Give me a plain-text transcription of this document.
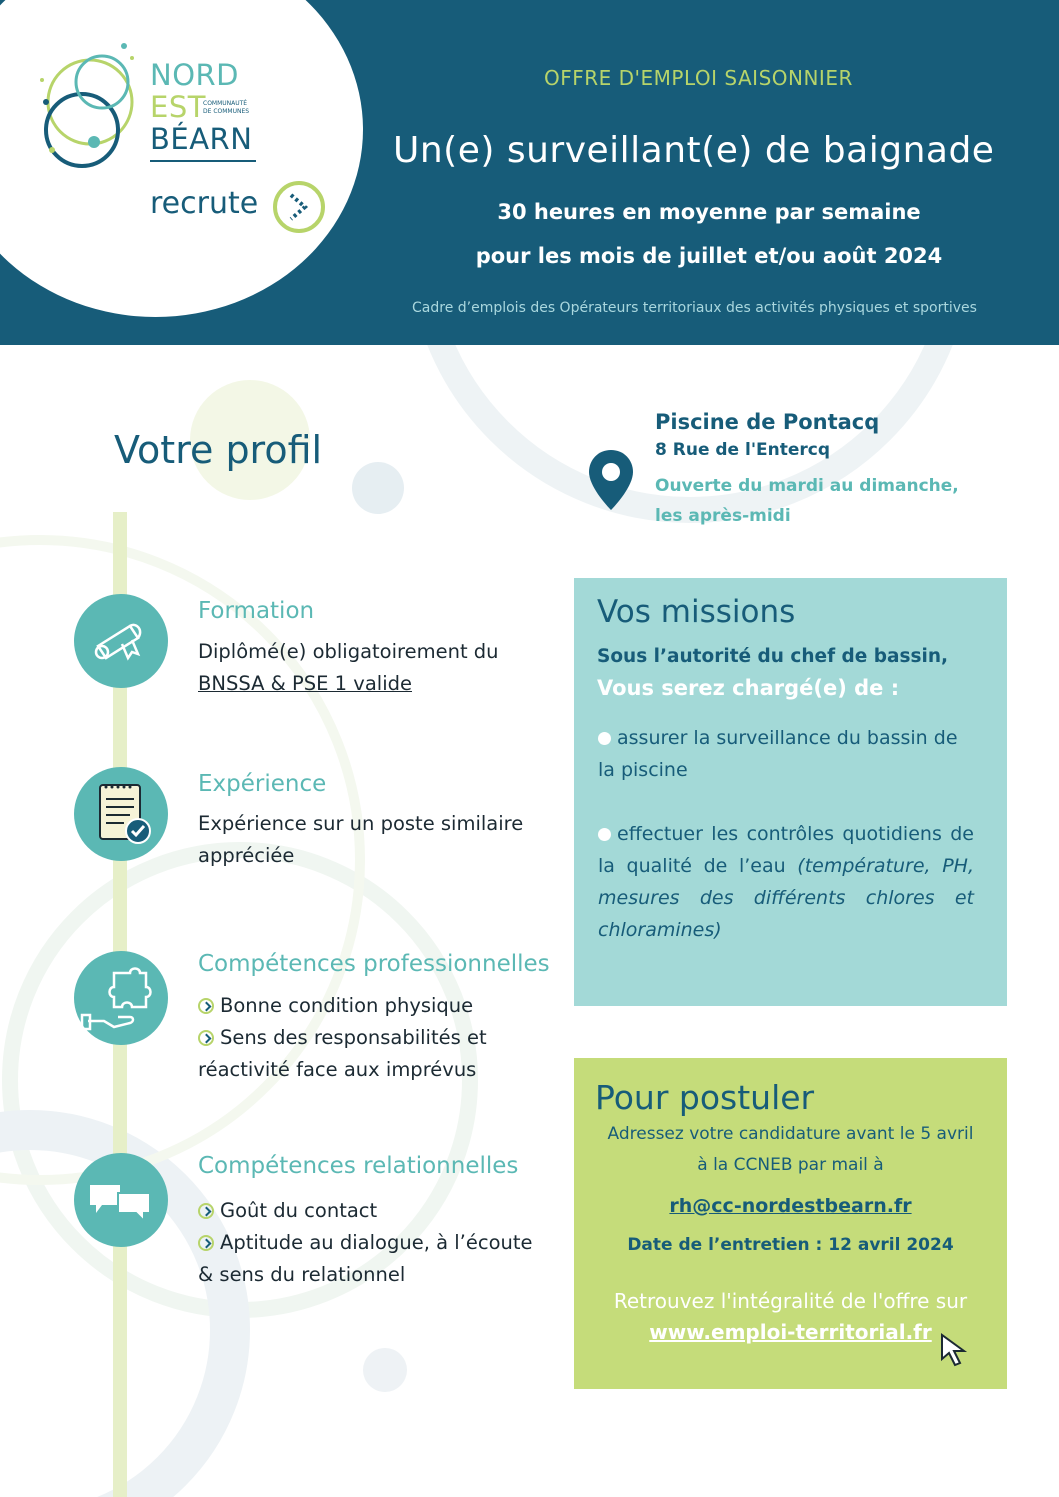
NORD
EST
BÉARN
COMMUNAUTÉ
DE COMMUNES
recrute
OFFRE D'EMPLOI SAISONNIER
Un(e) surveillant(e) de baignade
30 heures en moyenne par semaine
pour les mois de juillet et/ou août 2024
Cadre d’emplois des Opérateurs territoriaux des activités physiques et sportives
Votre profil
Piscine de Pontacq
8 Rue de l'Entercq
Ouverte du mardi au dimanche,
les après-midi
Formation
Diplômé(e) obligatoirement du
BNSSA & PSE 1 valide
Expérience
Expérience sur un poste similaire
appréciée
Compétences professionnelles
Bonne condition physique
Sens des responsabilités et
réactivité face aux imprévus
Compétences relationnelles
Goût du contact
Aptitude au dialogue, à l’écoute
& sens du relationnel
Vos missions
Sous l’autorité du chef de bassin,
Vous serez chargé(e) de :
assurer la surveillance du bassin de la piscine
effectuer les contrôles quotidiens de la qualité de l’eau (température, PH, mesures des différents chlores et chloramines)
Pour postuler
Adressez votre candidature avant le 5 avril
à la CCNEB par mail à
rh@cc-nordestbearn.fr
Date de l’entretien : 12 avril 2024
Retrouvez l'intégralité de l'offre sur
www.emploi-territorial.fr
